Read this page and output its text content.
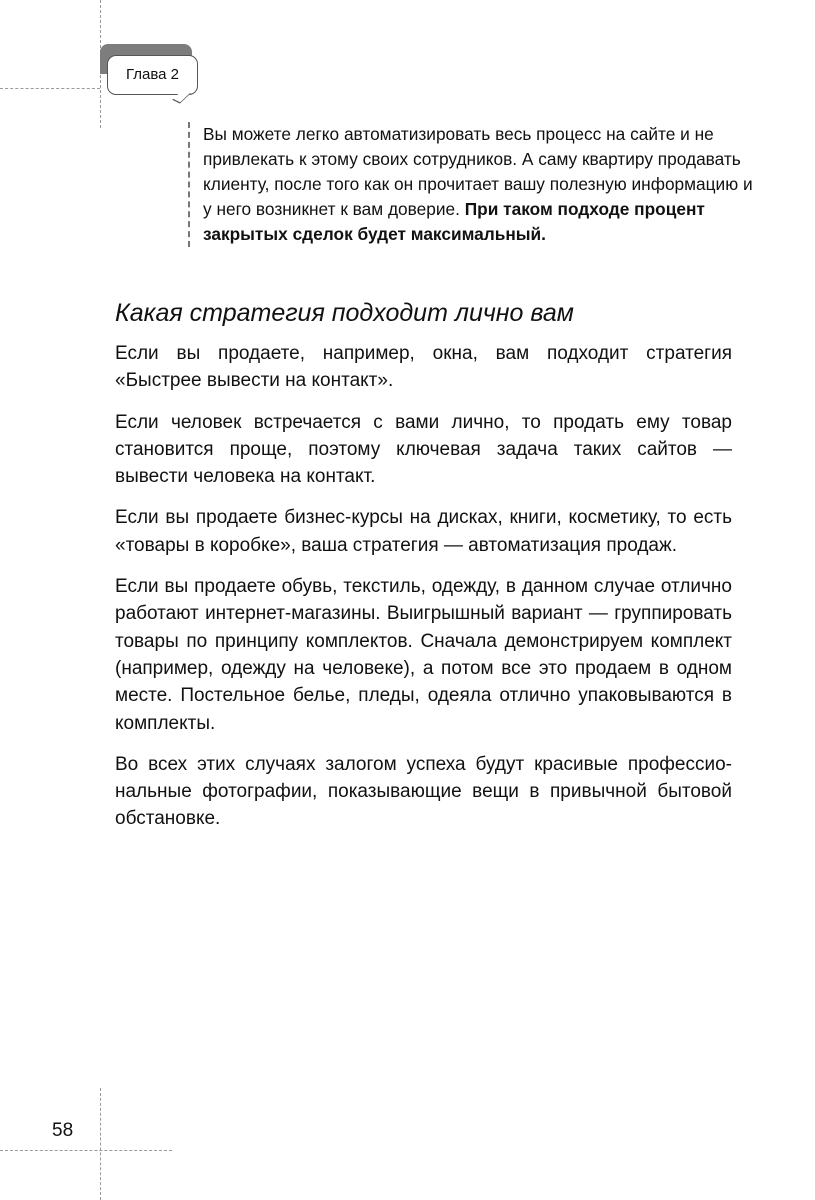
Глава 2
Вы можете легко автоматизировать весь процесс на сайте и не привлекать к этому своих сотрудников. А саму квартиру продавать клиенту, после того как он прочитает вашу полезную информацию и у него возникнет к вам доверие. При таком подходе процент закрытых сделок будет максимальный.
Какая стратегия подходит лично вам

Если вы продаете, например, окна, вам подходит стратегия «Быстрее вывести на контакт».

Если человек встречается с вами лично, то продать ему товар становится проще, поэтому ключевая задача таких сайтов — вывести человека на контакт.

Если вы продаете бизнес-курсы на дисках, книги, косметику, то есть «товары в коробке», ваша стратегия — автоматизация продаж.

Если вы продаете обувь, текстиль, одежду, в данном случае отлично работают интернет-магазины. Выигрышный вариант — группировать товары по принципу комплектов. Сначала демонстрируем комплект (например, одежду на человеке), а потом все это продаем в одном месте. Постельное белье, пледы, одеяла отлично упаковываются в комплекты.

Во всех этих случаях залогом успеха будут красивые профессиональные фотографии, показывающие вещи в привычной бытовой обстановке.

58
